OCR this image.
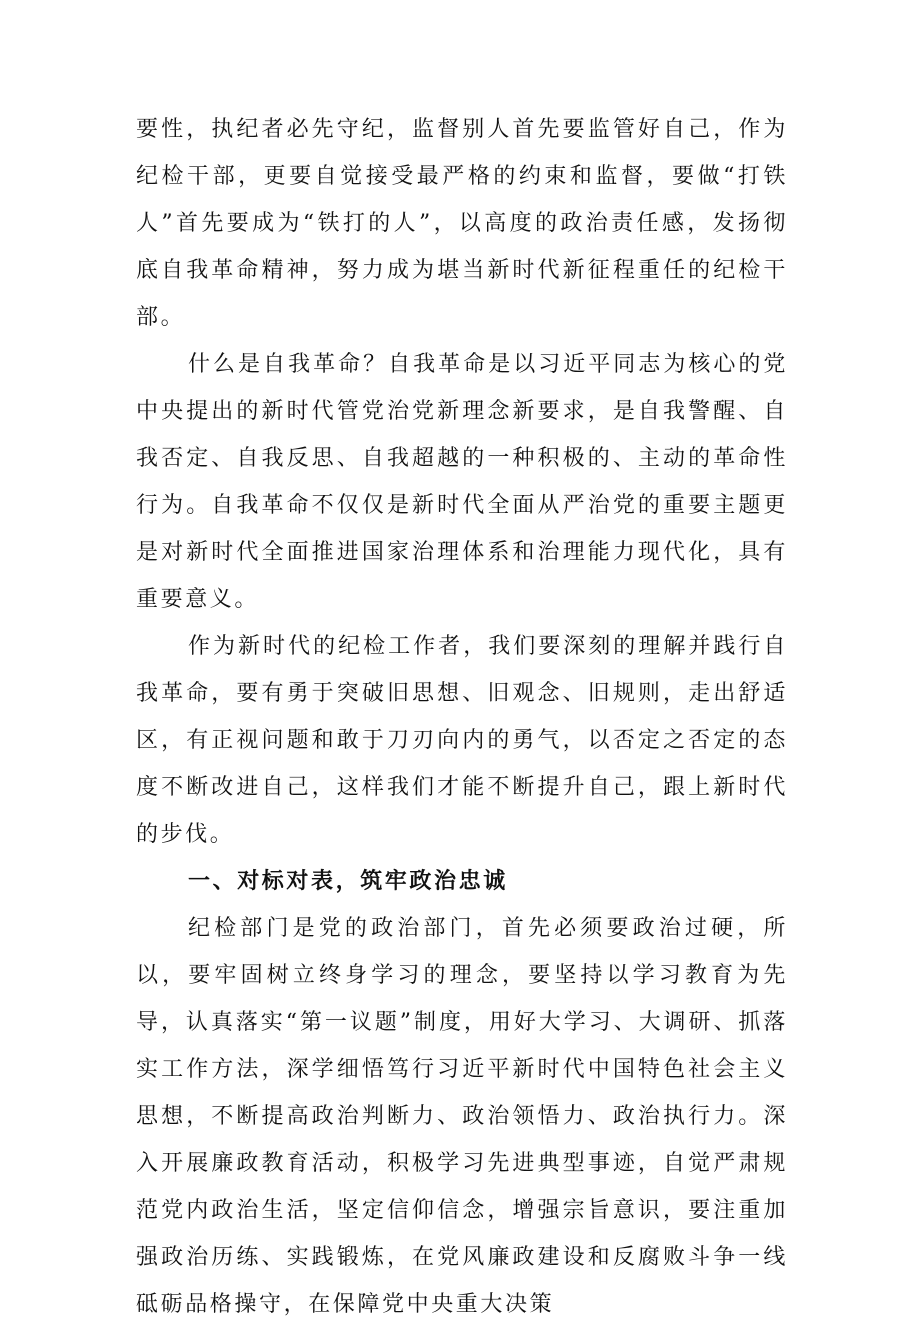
要性，执纪者必先守纪，监督别人首先要监管好自己，作为纪检干部，更要自觉接受最严格的约束和监督，要做“打铁人”首先要成为“铁打的人”，以高度的政治责任感，发扬彻底自我革命精神，努力成为堪当新时代新征程重任的纪检干部。

什么是自我革命？自我革命是以习近平同志为核心的党中央提出的新时代管党治党新理念新要求，是自我警醒、自我否定、自我反思、自我超越的一种积极的、主动的革命性行为。自我革命不仅仅是新时代全面从严治党的重要主题更是对新时代全面推进国家治理体系和治理能力现代化，具有重要意义。

作为新时代的纪检工作者，我们要深刻的理解并践行自我革命，要有勇于突破旧思想、旧观念、旧规则，走出舒适区，有正视问题和敢于刀刃向内的勇气，以否定之否定的态度不断改进自己，这样我们才能不断提升自己，跟上新时代的步伐。

一、对标对表，筑牢政治忠诚

纪检部门是党的政治部门，首先必须要政治过硬，所以，要牢固树立终身学习的理念，要坚持以学习教育为先导，认真落实“第一议题”制度，用好大学习、大调研、抓落实工作方法，深学细悟笃行习近平新时代中国特色社会主义思想，不断提高政治判断力、政治领悟力、政治执行力。深入开展廉政教育活动，积极学习先进典型事迹，自觉严肃规范党内政治生活，坚定信仰信念，增强宗旨意识，要注重加强政治历练、实践锻炼，在党风廉政建设和反腐败斗争一线砥砺品格操守，在保障党中央重大决策
